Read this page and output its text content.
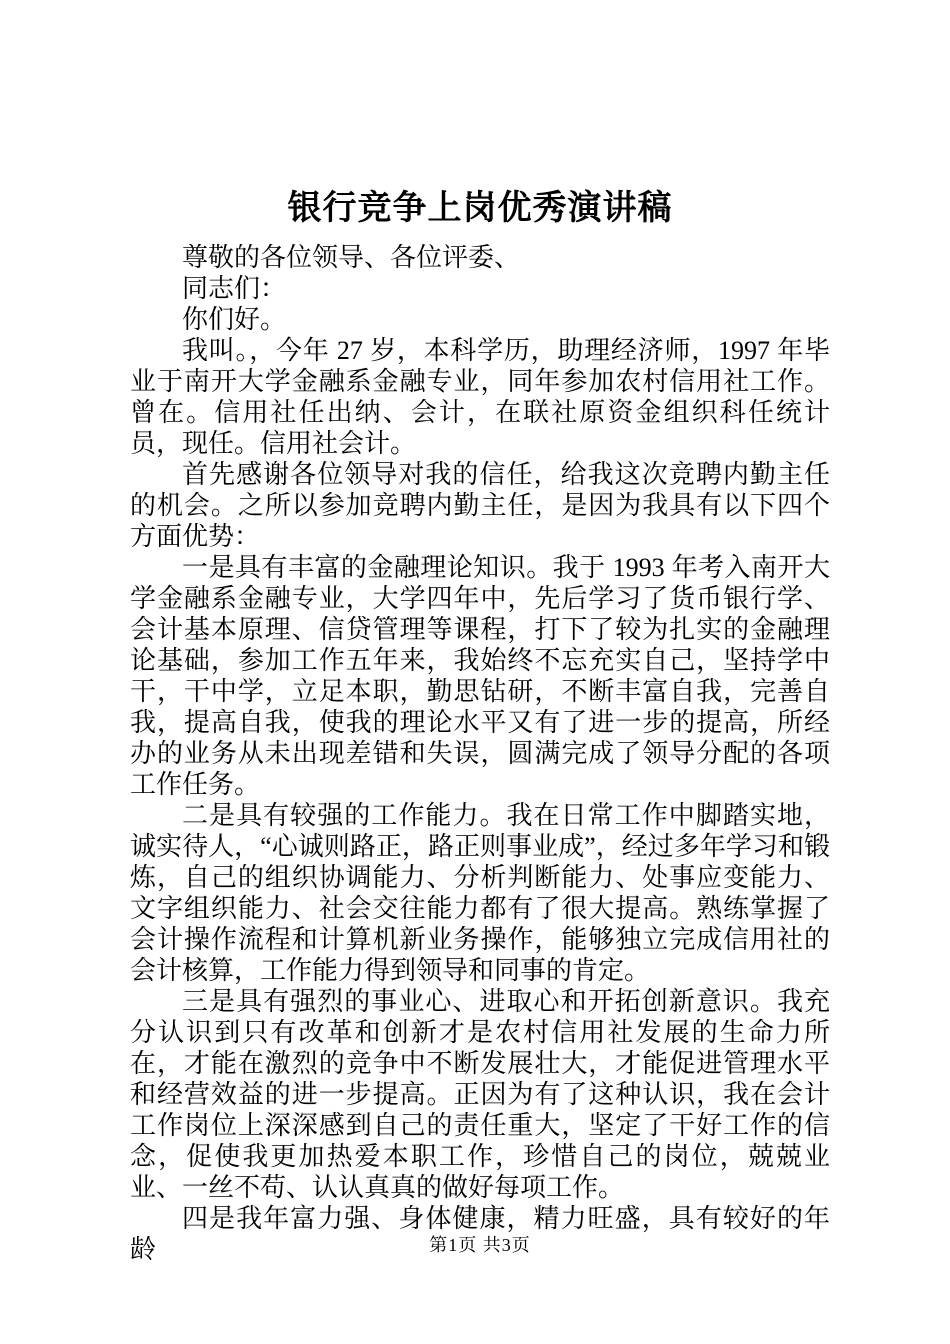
银行竞争上岗优秀演讲稿

尊敬的各位领导、各位评委、

同志们：

你们好。

我叫。，今年 27 岁，本科学历，助理经济师，1997 年毕业于南开大学金融系金融专业，同年参加农村信用社工作。曾在。信用社任出纳、会计，在联社原资金组织科任统计员，现任。信用社会计。

首先感谢各位领导对我的信任，给我这次竞聘内勤主任的机会。之所以参加竞聘内勤主任，是因为我具有以下四个方面优势：

一是具有丰富的金融理论知识。我于 1993 年考入南开大学金融系金融专业，大学四年中，先后学习了货币银行学、会计基本原理、信贷管理等课程，打下了较为扎实的金融理论基础，参加工作五年来，我始终不忘充实自己，坚持学中干，干中学，立足本职，勤思钻研，不断丰富自我，完善自我，提高自我，使我的理论水平又有了进一步的提高，所经办的业务从未出现差错和失误，圆满完成了领导分配的各项工作任务。

二是具有较强的工作能力。我在日常工作中脚踏实地，诚实待人，“心诚则路正，路正则事业成”，经过多年学习和锻炼，自己的组织协调能力、分析判断能力、处事应变能力、文字组织能力、社会交往能力都有了很大提高。熟练掌握了会计操作流程和计算机新业务操作，能够独立完成信用社的会计核算，工作能力得到领导和同事的肯定。

三是具有强烈的事业心、进取心和开拓创新意识。我充分认识到只有改革和创新才是农村信用社发展的生命力所在，才能在激烈的竞争中不断发展壮大，才能促进管理水平和经营效益的进一步提高。正因为有了这种认识，我在会计工作岗位上深深感到自己的责任重大，坚定了干好工作的信念，促使我更加热爱本职工作，珍惜自己的岗位，兢兢业业、一丝不苟、认认真真的做好每项工作。

四是我年富力强、身体健康，精力旺盛，具有较好的年龄	第1页 共3页
